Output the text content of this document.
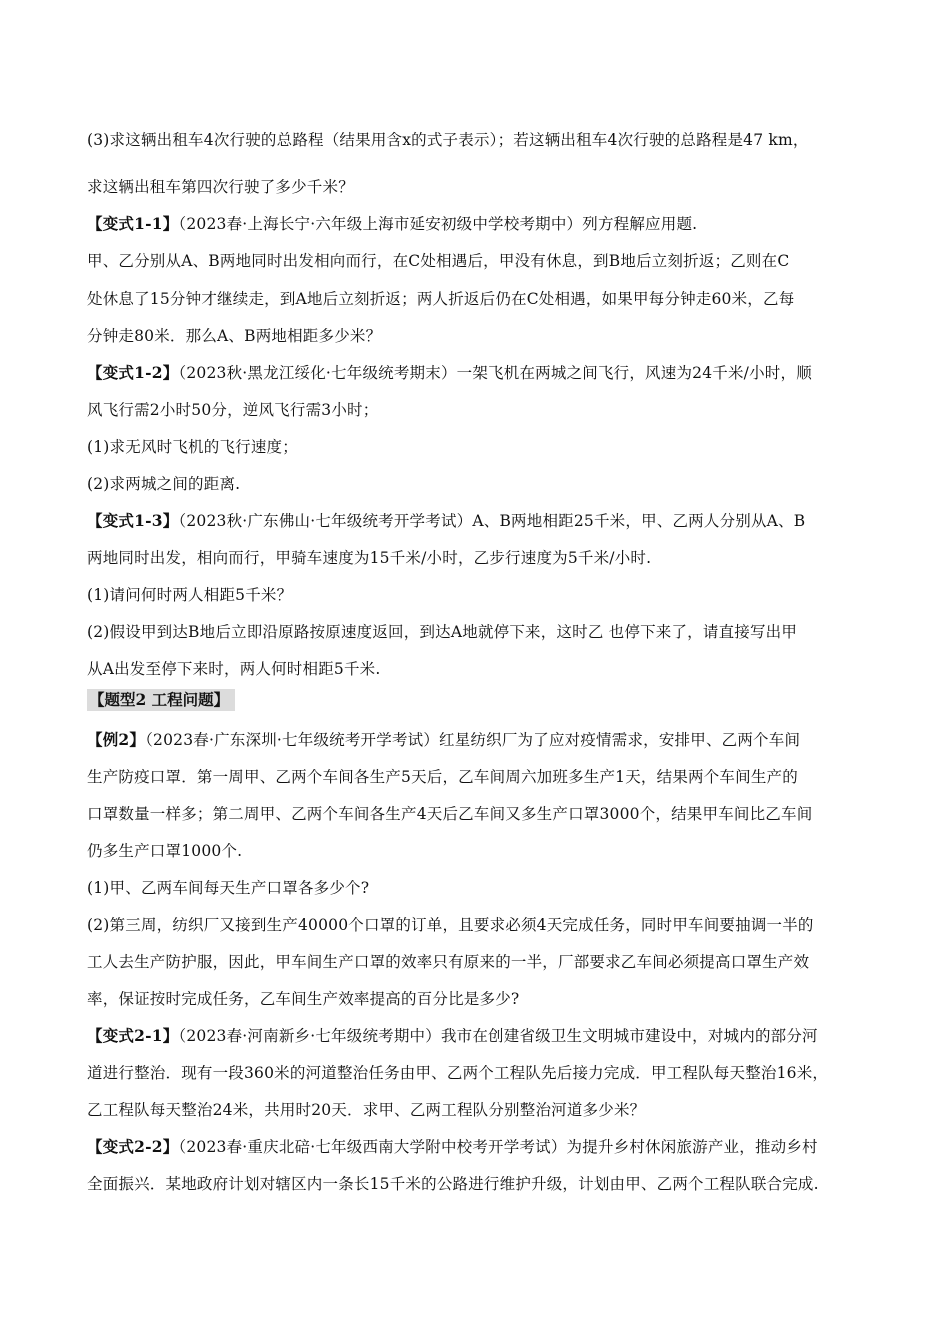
(3)求这辆出租车4次行驶的总路程（结果用含x的式子表示）；若这辆出租车4次行驶的总路程是47 km，
求这辆出租车第四次行驶了多少千米？
【变式1-1】（2023春·上海长宁·六年级上海市延安初级中学校考期中）列方程解应用题.
甲、乙分别从A、B两地同时出发相向而行，在C处相遇后，甲没有休息，到B地后立刻折返；乙则在C
处休息了15分钟才继续走，到A地后立刻折返；两人折返后仍在C处相遇，如果甲每分钟走60米，乙每
分钟走80米．那么A、B两地相距多少米？
【变式1-2】（2023秋·黑龙江绥化·七年级统考期末）一架飞机在两城之间飞行，风速为24千米/小时，顺
风飞行需2小时50分，逆风飞行需3小时；
(1)求无风时飞机的飞行速度；
(2)求两城之间的距离.
【变式1-3】（2023秋·广东佛山·七年级统考开学考试）A、B两地相距25千米，甲、乙两人分别从A、B
两地同时出发，相向而行，甲骑车速度为15千米/小时，乙步行速度为5千米/小时.
(1)请问何时两人相距5千米？
(2)假设甲到达B地后立即沿原路按原速度返回，到达A地就停下来，这时乙 也停下来了，请直接写出甲
从A出发至停下来时，两人何时相距5千米.
【题型2 工程问题】
【例2】（2023春·广东深圳·七年级统考开学考试）红星纺织厂为了应对疫情需求，安排甲、乙两个车间
生产防疫口罩．第一周甲、乙两个车间各生产5天后，乙车间周六加班多生产1天，结果两个车间生产的
口罩数量一样多；第二周甲、乙两个车间各生产4天后乙车间又多生产口罩3000个，结果甲车间比乙车间
仍多生产口罩1000个.
(1)甲、乙两车间每天生产口罩各多少个?
(2)第三周，纺织厂又接到生产40000个口罩的订单，且要求必须4天完成任务，同时甲车间要抽调一半的
工人去生产防护服，因此，甲车间生产口罩的效率只有原来的一半，厂部要求乙车间必须提高口罩生产效
率，保证按时完成任务，乙车间生产效率提高的百分比是多少?
【变式2-1】（2023春·河南新乡·七年级统考期中）我市在创建省级卫生文明城市建设中，对城内的部分河
道进行整治．现有一段360米的河道整治任务由甲、乙两个工程队先后接力完成．甲工程队每天整治16米，
乙工程队每天整治24米，共用时20天．求甲、乙两工程队分别整治河道多少米？
【变式2-2】（2023春·重庆北碚·七年级西南大学附中校考开学考试）为提升乡村休闲旅游产业，推动乡村
全面振兴．某地政府计划对辖区内一条长15千米的公路进行维护升级，计划由甲、乙两个工程队联合完成.
